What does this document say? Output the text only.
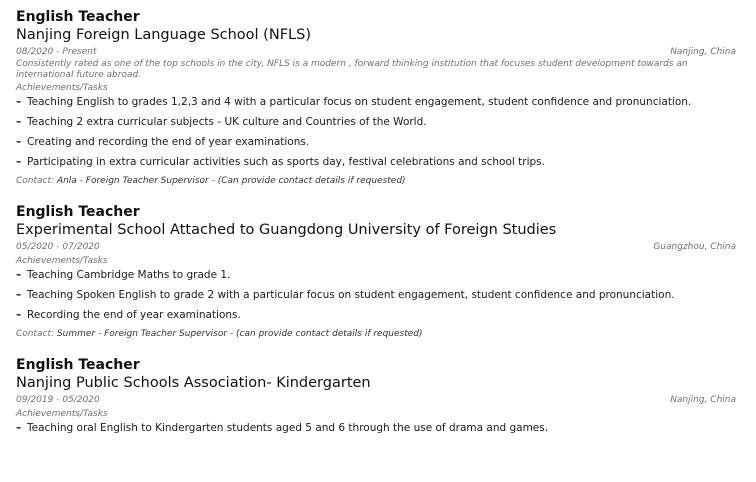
English Teacher
Nanjing Foreign Language School (NFLS)
08/2020 - Present	Nanjing, China
Consistently rated as one of the top schools in the city, NFLS is a modern , forward thinking institution that focuses student development towards an international future abroad.
Achievements/Tasks
– Teaching English to grades 1,2,3 and 4 with a particular focus on student engagement, student confidence and pronunciation.
– Teaching 2 extra curricular subjects - UK culture and Countries of the World.
– Creating and recording the end of year examinations.
– Participating in extra curricular activities such as sports day, festival celebrations and school trips.
Contact: Anla - Foreign Teacher Supervisor - (Can provide contact details if requested)
English Teacher
Experimental School Attached to Guangdong University of Foreign Studies
05/2020 - 07/2020	Guangzhou, China
Achievements/Tasks
– Teaching Cambridge Maths to grade 1.
– Teaching Spoken English to grade 2 with a particular focus on student engagement, student confidence and pronunciation.
– Recording the end of year examinations.
Contact: Summer - Foreign Teacher Supervisor - (can provide contact details if requested)
English Teacher
Nanjing Public Schools Association- Kindergarten
09/2019 - 05/2020	Nanjing, China
Achievements/Tasks
– Teaching oral English to Kindergarten students aged 5 and 6 through the use of drama and games.
